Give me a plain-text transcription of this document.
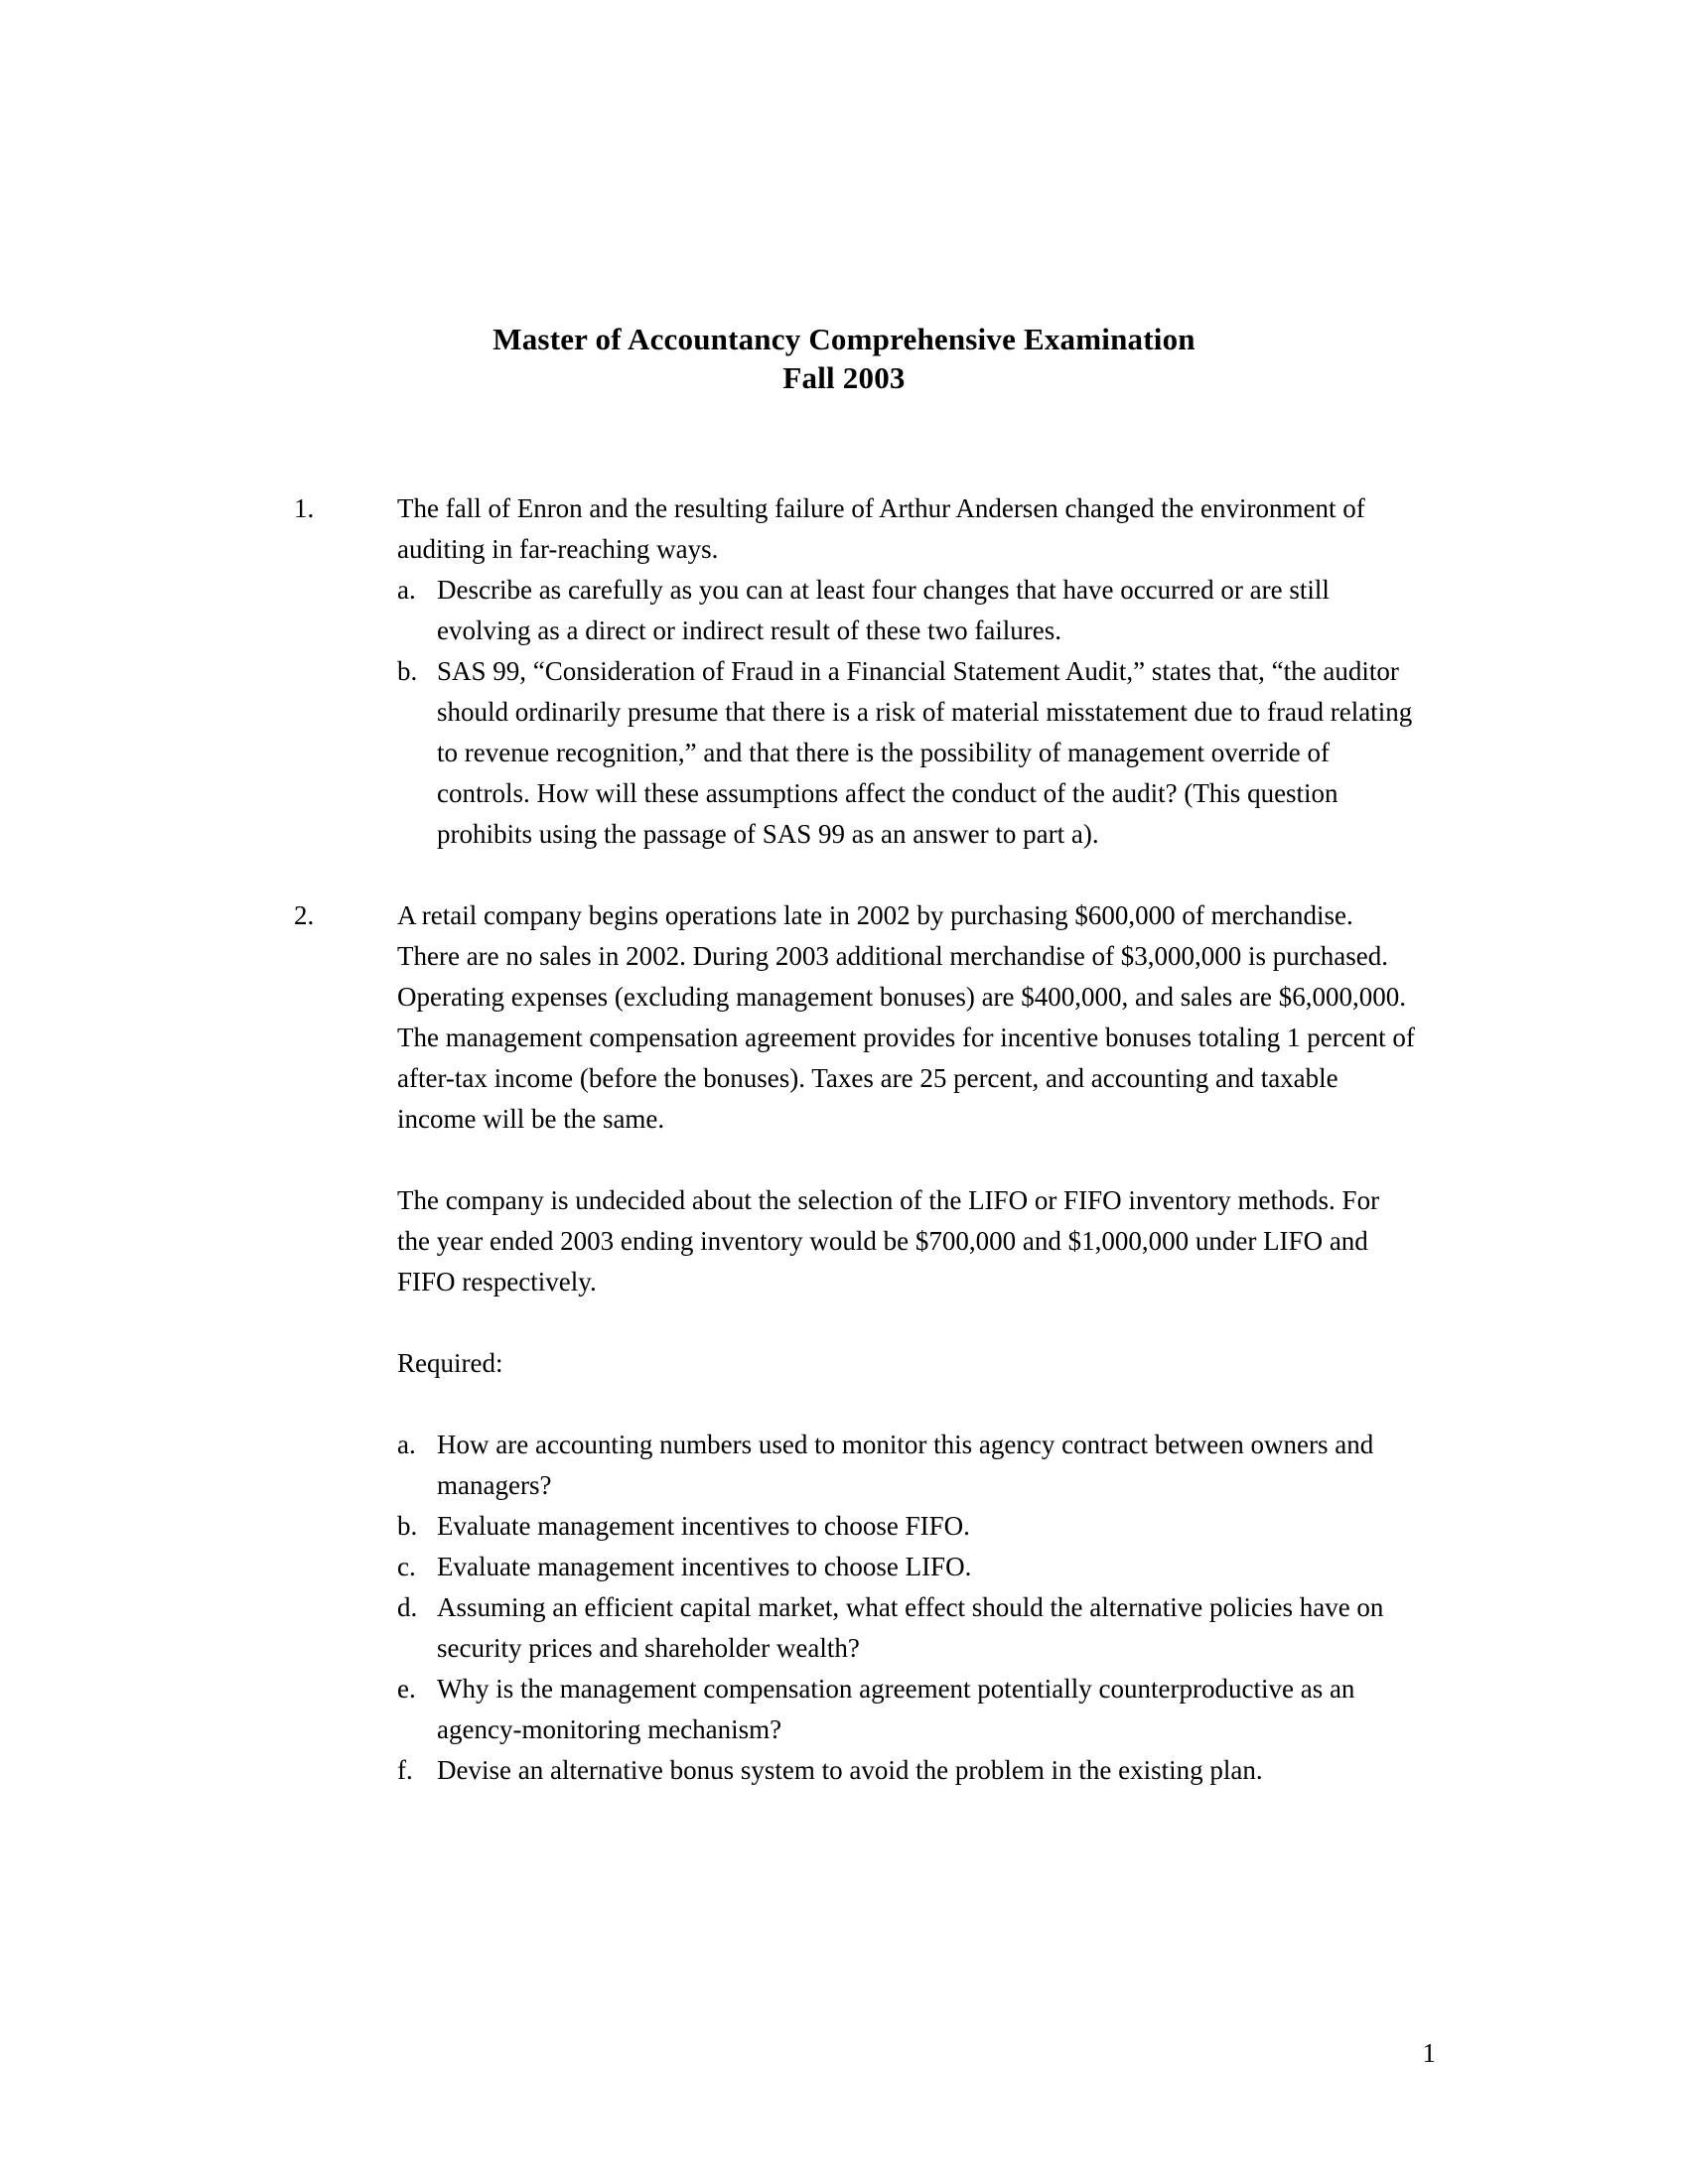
Master of Accountancy Comprehensive Examination
Fall 2003
1.	The fall of Enron and the resulting failure of Arthur Andersen changed the environment of auditing in far-reaching ways.

a. Describe as carefully as you can at least four changes that have occurred or are still evolving as a direct or indirect result of these two failures.
b. SAS 99, “Consideration of Fraud in a Financial Statement Audit,” states that, “the auditor should ordinarily presume that there is a risk of material misstatement due to fraud relating to revenue recognition,” and that there is the possibility of management override of controls. How will these assumptions affect the conduct of the audit? (This question prohibits using the passage of SAS 99 as an answer to part a).
2.	A retail company begins operations late in 2002 by purchasing $600,000 of merchandise. There are no sales in 2002. During 2003 additional merchandise of $3,000,000 is purchased. Operating expenses (excluding management bonuses) are $400,000, and sales are $6,000,000. The management compensation agreement provides for incentive bonuses totaling 1 percent of after-tax income (before the bonuses). Taxes are 25 percent, and accounting and taxable income will be the same.

The company is undecided about the selection of the LIFO or FIFO inventory methods. For the year ended 2003 ending inventory would be $700,000 and $1,000,000 under LIFO and FIFO respectively.

Required:

a. How are accounting numbers used to monitor this agency contract between owners and managers?
b. Evaluate management incentives to choose FIFO.
c. Evaluate management incentives to choose LIFO.
d. Assuming an efficient capital market, what effect should the alternative policies have on security prices and shareholder wealth?
e. Why is the management compensation agreement potentially counterproductive as an agency-monitoring mechanism?
f. Devise an alternative bonus system to avoid the problem in the existing plan.
1
